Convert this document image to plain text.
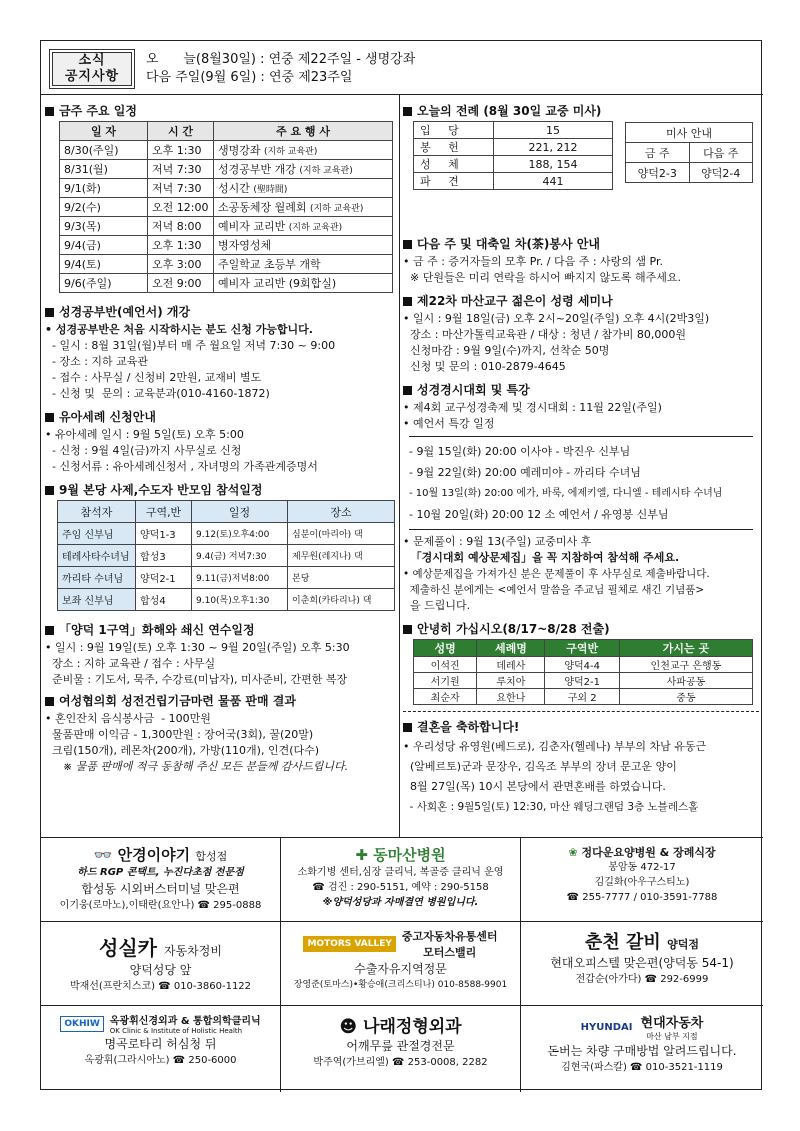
소식
공지사항
오      늘(8월30일) : 연중 제22주일 - 생명강좌
다음 주일(9월 6일) : 연중 제23주일
금주 주요 일정
일 자	시 간	주 요 행 사
8/30(주일)	오후 1:30	생명강좌 (지하 교육관)
8/31(월)	저녁 7:30	성경공부반 개강 (지하 교육관)
9/1(화)	저녁 7:30	성시간 (聖時間)
9/2(수)	오전 12:00	소공동체장 월례회 (지하 교육관)
9/3(목)	저녁 8:00	예비자 교리반 (지하 교육관)
9/4(금)	오후 1:30	병자영성체
9/4(토)	오후 3:00	주일학교 초등부 개학
9/6(주일)	오전 9:00	예비자 교리반 (9회합실)
성경공부반(예언서) 개강
• 성경공부반은 처음 시작하시는 분도 신청 가능합니다.
- 일시 : 8월 31일(월)부터 매 주 월요일 저녁 7:30 ~ 9:00
- 장소 : 지하 교육관
- 접수 : 사무실 / 신청비 2만원, 교재비 별도
- 신청 및  문의 : 교육분과(010-4160-1872)
유아세례 신청안내
• 유아세례 일시 : 9월 5일(토) 오후 5:00
- 신청 : 9월 4일(금)까지 사무실로 신청
- 신청서류 : 유아세례신청서 , 자녀명의 가족관계증명서
9월 본당 사제,수도자 반모임 참석일정
참석자	구역,반	일정	장소
주임 신부님	양덕1-3	9.12(토)오후4:00	심분이(마리아) 댁
테레사타수녀님	합성3	9.4(금) 저녁7:30	제무원(레지나) 댁
까리타 수녀님	양덕2-1	9.11(금)저녁8:00	본당
보좌 신부님	합성4	9.10(목)오후1:30	이춘희(카타리나) 댁
「양덕 1구역」화해와 쇄신 연수일정
• 일시 : 9월 19일(토) 오후 1:30 ~ 9월 20일(주일) 오후 5:30
장소 : 지하 교육관 / 접수 : 사무실
준비물 : 기도서, 묵주, 수강료(미납자), 미사준비, 간편한 복장
여성협의회 성전건립기금마련 물품 판매 결과
• 혼인잔치 음식봉사금  - 100만원
물품판매 이익금 - 1,300만원 : 장어국(3회), 꿀(20말)
크림(150개), 레몬차(200개), 가방(110개), 인견(다수)
※ 물품 판매에 적극 동참해 주신 모든 분들께 감사드립니다.
오늘의 전례 (8월 30일 교중 미사)
입     당	15
봉     헌	221, 212
성     체	188, 154
파     견	441
미사 안내	
금 주	다음 주
양덕2-3	양덕2-4
다음 주 및 대축일 차(茶)봉사 안내
• 금 주 : 증거자들의 모후 Pr. / 다음 주 : 사랑의 샘 Pr.
※ 단원들은 미리 연락을 하시어 빠지지 않도록 해주세요.
제22차 마산교구 젊은이 성령 세미나
• 일시 : 9월 18일(금) 오후 2시~20일(주일) 오후 4시(2박3일)
장소 : 마산가톨릭교육관 / 대상 : 청년 / 참가비 80,000원
신청마감 : 9월 9일(수)까지, 선착순 50명
신청 및 문의 : 010-2879-4645
성경경시대회 및 특강
• 제4회 교구성경축제 및 경시대회 : 11월 22일(주일)
• 예언서 특강 일정
- 9월 15일(화) 20:00 이사야 - 박진우 신부님
- 9월 22일(화) 20:00 예레미야 - 까리타 수녀님
- 10월 13일(화) 20:00 에가, 바룩, 에제키엘, 다니엘 - 테레시타 수녀님
- 10월 20일(화) 20:00 12 소 예언서 / 유영봉 신부님
• 문제풀이 : 9월 13(주일) 교중미사 후
「경시대회 예상문제집」을 꼭 지참하여 참석해 주세요.
• 예상문제집을 가져가신 분은 문제풀이 후 사무실로 제출바랍니다.
제출하신 분에게는 <예언서 말씀을 주교님 필체로 새긴 기념품>
을 드립니다.
안녕히 가십시오(8/17~8/28 전출)
성명	세례명	구역반	가시는 곳
이석진	데레사	양덕4-4	인천교구 은행동
서기원	루치아	양덕2-1	사파공동
최순자	요한나	구외 2	중동
결혼을 축하합니다!
• 우리성당 유영원(베드로), 김춘자(헬레나) 부부의 차남 유동근
(알베르토)군과 문장우, 김옥조 부부의 장녀 문고운 양이
8월 27일(목) 10시 본당에서 관면혼배를 하였습니다.
- 사회혼 : 9월5일(토) 12:30, 마산 웨딩그랜덤 3층 노블레스홀
👓 안경이야기 합성점
하드 RGP 콘택트, 누진다초점 전문점
합성동 시외버스터미널 맞은편
이기웅(로마노),이태란(요안나) ☎ 295-0888
✚ 동마산병원
소화기병 센터,심장 클리닉, 복골증 클리닉 운영
☎ 검진 : 290-5151, 예약 : 290-5158
※양덕성당과 자매결연 병원입니다.
❀ 정다운요양병원 & 장례식장
봉암동 472-17
김길화(아우구스티노)
☎ 255-7777 / 010-3591-7788
성실카 자동차정비
양덕성당 앞
박재선(프란치스코) ☎ 010-3860-1122
MOTORS VALLEY
중고자동차유통센터
모터스밸리
수출자유지역정문
장영준(토마스)•황승애(크리스티나) 010-8588-9901
춘천 갈비 양덕점
현대오피스텔 맞은편(양덕동 54-1)
전갑순(아가다) ☎ 292-6999
OKHIW	옥광휘신경외과 & 통합의학클리닉
OK Clinic & Institute of Holistic Health
명곡로타리 허심청 뒤
옥광휘(그라시아노) ☎ 250-6000
☻ 나래정형외과
어깨무릎 관절경전문
박주역(가브리엘) ☎ 253-0008, 2282
HYUNDAI 현대자동차
마산 남부 지점
돈버는 차량 구매방법 알려드립니다.
김현국(파스칼) ☎ 010-3521-1119
